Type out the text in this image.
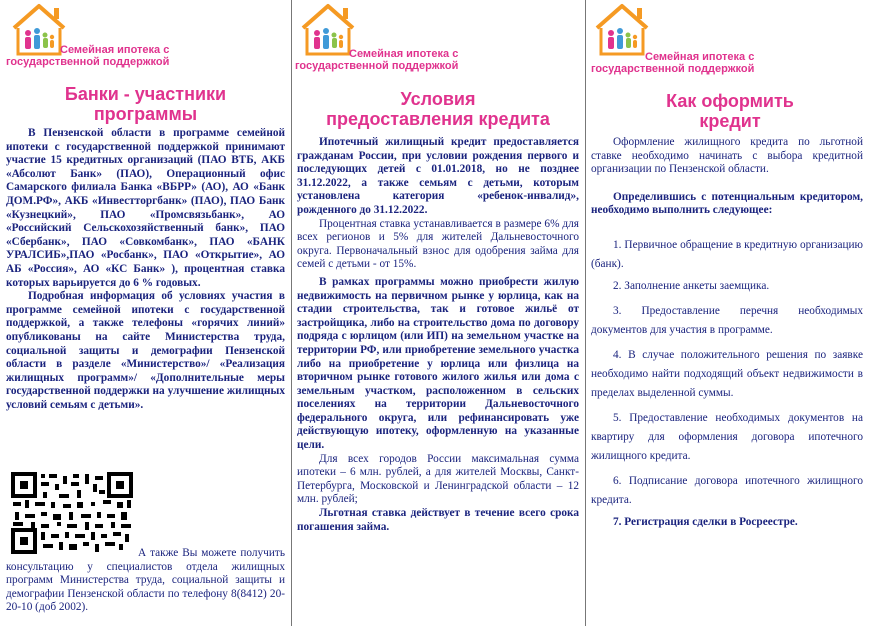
Семейная ипотека с
государственной поддержкой
Банки - участники
программы

В Пензенской области в программе семейной ипотеки с государственной поддержкой принимают участие 15 кредитных организаций (ПАО ВТБ, АКБ «Абсолют Банк» (ПАО), Операционный офис Самарского филиала Банка «ВБРР» (АО), АО «Банк ДОМ.РФ», АКБ «Инвестторгбанк» (ПАО), ПАО Банк «Кузнецкий», ПАО «Промсвязьбанк», АО «Российский Сельскохозяйственный банк», ПАО «Сбербанк», ПАО «Совкомбанк», ПАО «БАНК УРАЛСИБ»,ПАО «Росбанк», ПАО «Открытие», АО АБ «Россия», АО «КС Банк» ), процентная ставка которых варьируется до 6 % годовых.

Подробная информация об условиях участия в программе семейной ипотеки с государственной поддержкой, а также телефоны «горячих линий» опубликованы на сайте Министерства труда, социальной защиты и демографии Пензенской области в разделе «Министерство»/ «Реализация жилищных программ»/ «Дополнительные меры государственной поддержки на улучшение жилищных условий семьям с детьми».

А также Вы можете получить консультацию у специалистов отдела жилищных программ Министерства труда, социальной защиты и демографии Пензенской области по телефону 8(8412) 20-20-10 (доб 2002).

Семейная ипотека с
государственной поддержкой
Условия
предоставления кредита

Ипотечный жилищный кредит предоставляется гражданам России, при условии рождения первого и последующих детей с 01.01.2018, но не позднее 31.12.2022, а также семьям с детьми, которым установлена категория «ребенок-инвалид», рожденного до 31.12.2022.

Процентная ставка устанавливается в размере 6% для всех регионов и 5% для жителей Дальневосточного округа. Первоначальный взнос для одобрения займа для семей с детьми - от 15%.

В рамках программы можно приобрести жилую недвижимость на первичном рынке у юрлица, как на стадии строительства, так и готовое жильё от застройщика, либо на строительство дома по договору подряда с юрлицом (или ИП) на земельном участке на территории РФ, или приобретение земельного участка либо на приобретение у юрлица или физлица на вторичном рынке готового жилого жилья или дома с земельным участком, расположенном в сельских поселениях на территории Дальневосточного федерального округа, или рефинансировать уже действующую ипотеку, оформленную на указанные цели.

Для всех городов России максимальная сумма ипотеки – 6 млн. рублей, а для жителей Москвы, Санкт-Петербурга, Московской и Ленинградской области – 12 млн. рублей;

Льготная ставка действует в течение всего срока погашения займа.

Семейная ипотека с
государственной поддержкой
Как оформить
кредит

Оформление жилищного кредита по льготной ставке необходимо начинать с выбора кредитной организации по Пензенской области.

Определившись с потенциальным кредитором, необходимо выполнить следующее:

1. Первичное обращение в кредитную организацию (банк).

2. Заполнение анкеты заемщика.

3. Предоставление перечня необходимых документов для участия в программе.

4. В случае положительного решения по заявке необходимо найти подходящий объект недвижимости в пределах выделенной суммы.

5. Предоставление необходимых документов на квартиру для оформления договора ипотечного жилищного кредита.

6. Подписание договора ипотечного жилищного кредита.

7. Регистрация сделки в Росреестре.
